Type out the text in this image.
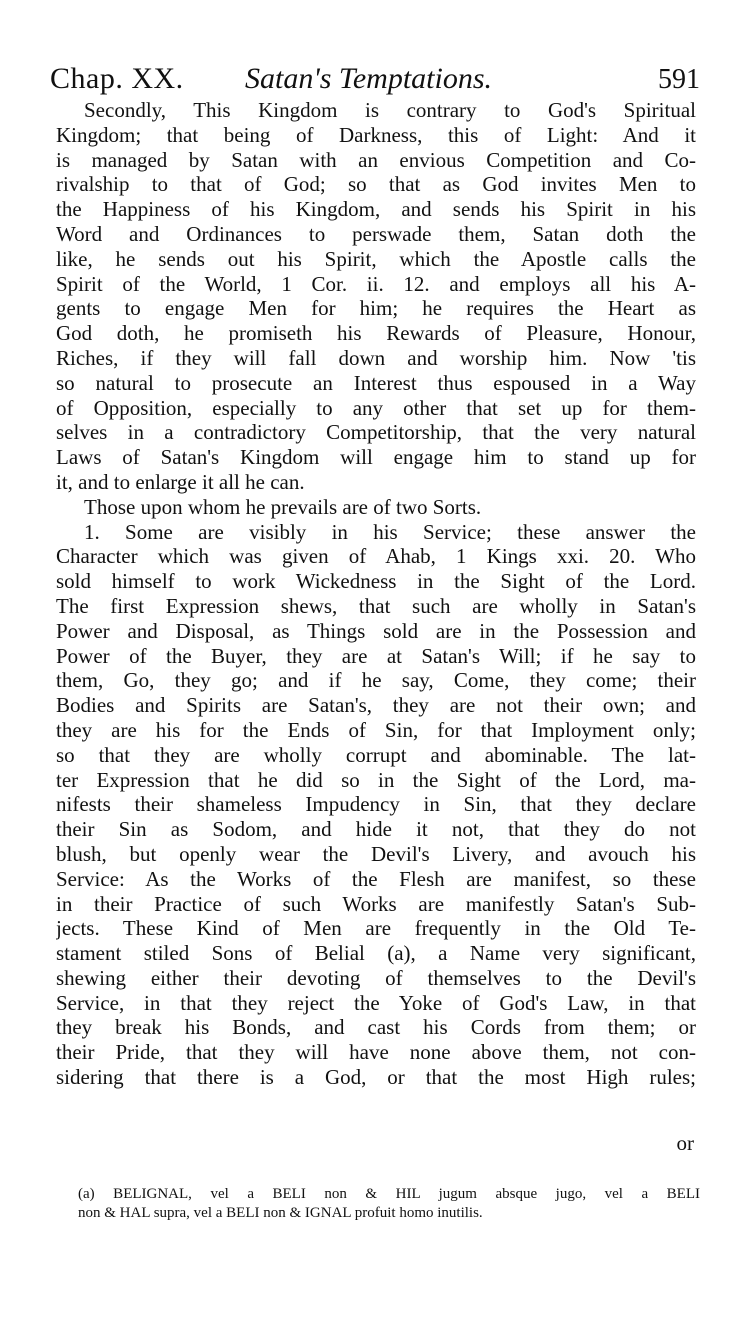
Chap. XX. Satan's Temptations.	591
Secondly, This Kingdom is contrary to God's Spiritual
Kingdom; that being of Darkness, this of Light: And it
is managed by Satan with an envious Competition and Co-
rivalship to that of God; so that as God invites Men to
the Happiness of his Kingdom, and sends his Spirit in his
Word and Ordinances to perswade them, Satan doth the
like, he sends out his Spirit, which the Apostle calls the
Spirit of the World, 1 Cor. ii. 12. and employs all his A-
gents to engage Men for him; he requires the Heart as
God doth, he promiseth his Rewards of Pleasure, Honour,
Riches, if they will fall down and worship him. Now 'tis
so natural to prosecute an Interest thus espoused in a Way
of Opposition, especially to any other that set up for them-
selves in a contradictory Competitorship, that the very natural
Laws of Satan's Kingdom will engage him to stand up for
it, and to enlarge it all he can.
Those upon whom he prevails are of two Sorts.
1. Some are visibly in his Service; these answer the
Character which was given of Ahab, 1 Kings xxi. 20. Who
sold himself to work Wickedness in the Sight of the Lord.
The first Expression shews, that such are wholly in Satan's
Power and Disposal, as Things sold are in the Possession and
Power of the Buyer, they are at Satan's Will; if he say to
them, Go, they go; and if he say, Come, they come; their
Bodies and Spirits are Satan's, they are not their own; and
they are his for the Ends of Sin, for that Imployment only;
so that they are wholly corrupt and abominable. The lat-
ter Expression that he did so in the Sight of the Lord, ma-
nifests their shameless Impudency in Sin, that they declare
their Sin as Sodom, and hide it not, that they do not
blush, but openly wear the Devil's Livery, and avouch his
Service: As the Works of the Flesh are manifest, so these
in their Practice of such Works are manifestly Satan's Sub-
jects. These Kind of Men are frequently in the Old Te-
stament stiled Sons of Belial (a), a Name very significant,
shewing either their devoting of themselves to the Devil's
Service, in that they reject the Yoke of God's Law, in that
they break his Bonds, and cast his Cords from them; or
their Pride, that they will have none above them, not con-
sidering that there is a God, or that the most High rules;
or
(a) BELIGNAL, vel a BELI non & HIL jugum absque jugo, vel a BELI
non & HAL supra, vel a BELI non & IGNAL profuit homo inutilis.
